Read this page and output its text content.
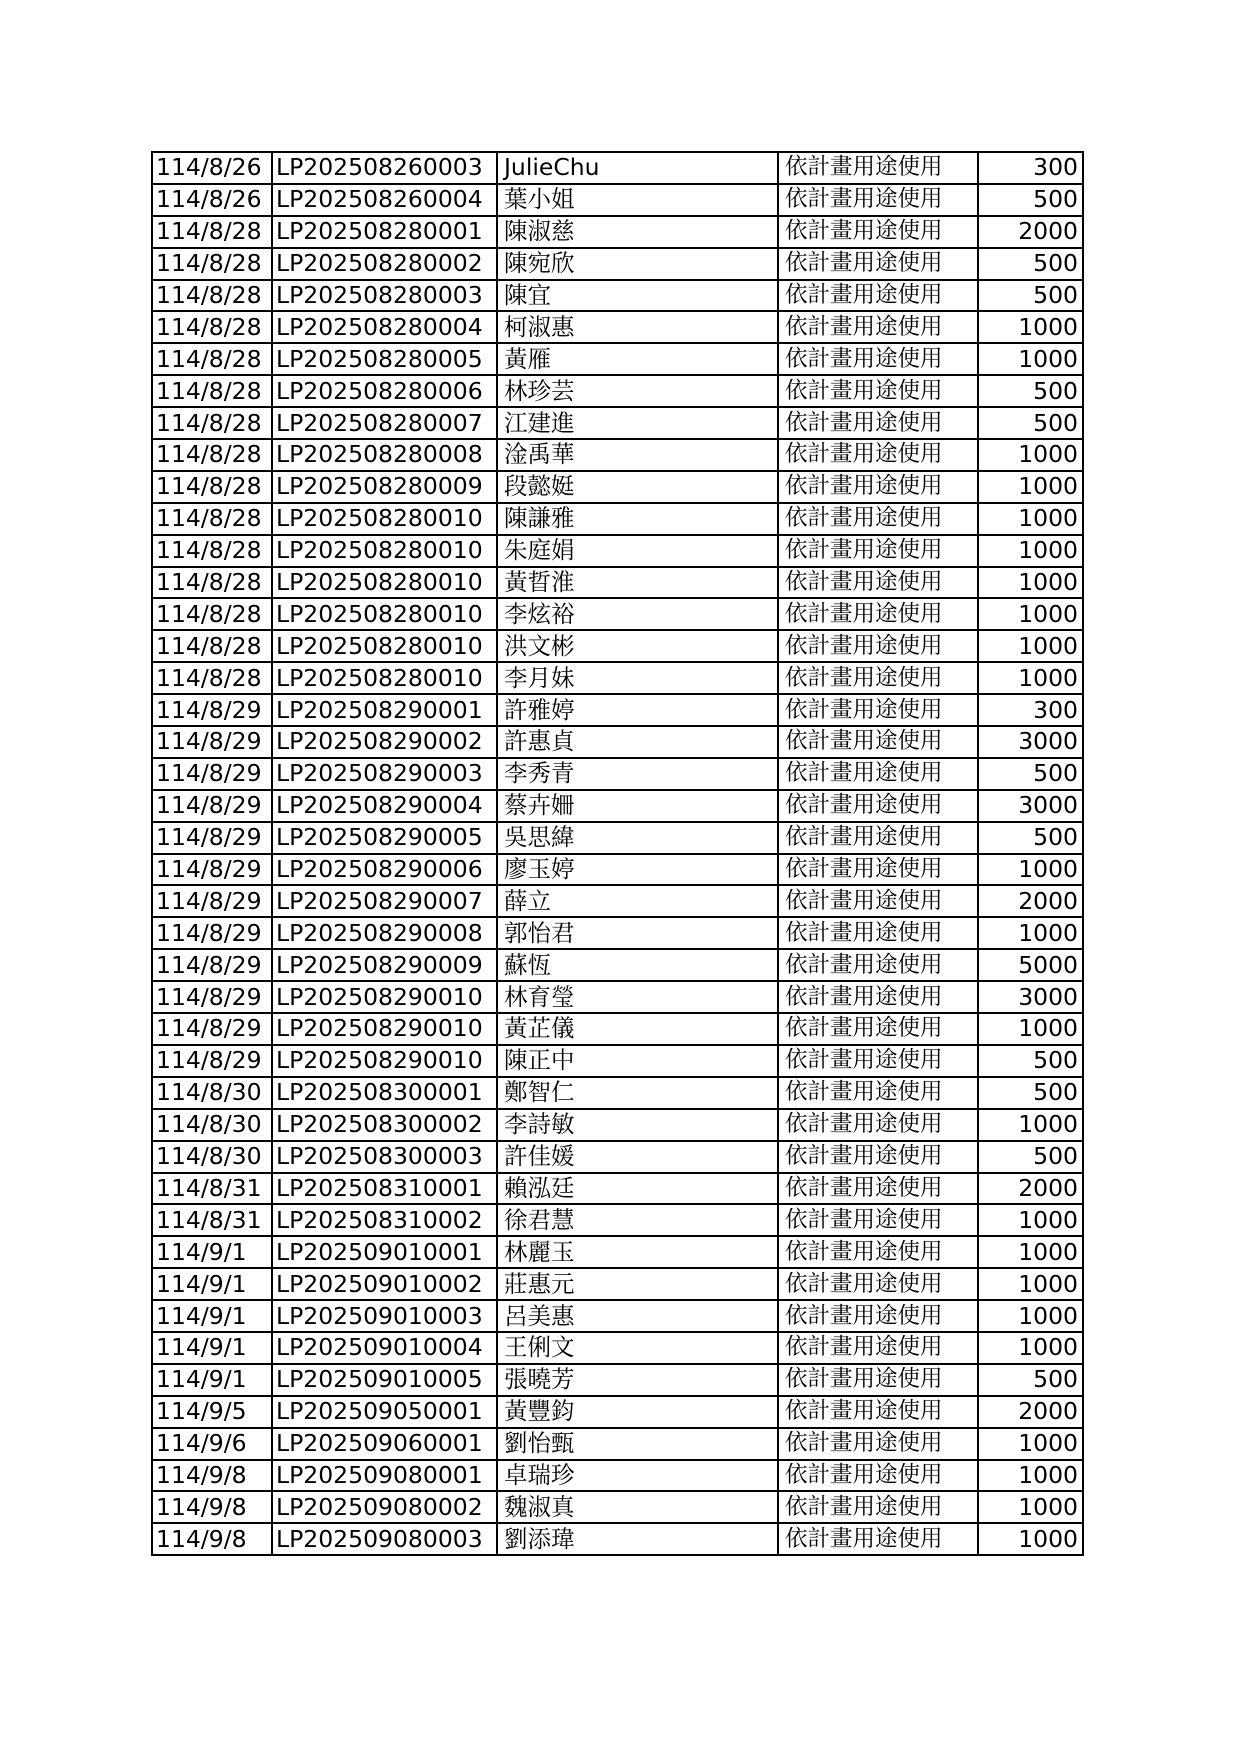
114/8/26	LP202508260003	JulieChu	依計畫用途使用	300
114/8/26	LP202508260004	葉小姐	依計畫用途使用	500
114/8/28	LP202508280001	陳淑慈	依計畫用途使用	2000
114/8/28	LP202508280002	陳宛欣	依計畫用途使用	500
114/8/28	LP202508280003	陳宜	依計畫用途使用	500
114/8/28	LP202508280004	柯淑惠	依計畫用途使用	1000
114/8/28	LP202508280005	黃雁	依計畫用途使用	1000
114/8/28	LP202508280006	林珍芸	依計畫用途使用	500
114/8/28	LP202508280007	江建進	依計畫用途使用	500
114/8/28	LP202508280008	淦禹華	依計畫用途使用	1000
114/8/28	LP202508280009	段懿娗	依計畫用途使用	1000
114/8/28	LP202508280010	陳謙雅	依計畫用途使用	1000
114/8/28	LP202508280010	朱庭娟	依計畫用途使用	1000
114/8/28	LP202508280010	黃晢淮	依計畫用途使用	1000
114/8/28	LP202508280010	李炫裕	依計畫用途使用	1000
114/8/28	LP202508280010	洪文彬	依計畫用途使用	1000
114/8/28	LP202508280010	李月妹	依計畫用途使用	1000
114/8/29	LP202508290001	許雅婷	依計畫用途使用	300
114/8/29	LP202508290002	許惠貞	依計畫用途使用	3000
114/8/29	LP202508290003	李秀青	依計畫用途使用	500
114/8/29	LP202508290004	蔡卉姍	依計畫用途使用	3000
114/8/29	LP202508290005	吳思緯	依計畫用途使用	500
114/8/29	LP202508290006	廖玉婷	依計畫用途使用	1000
114/8/29	LP202508290007	薛立	依計畫用途使用	2000
114/8/29	LP202508290008	郭怡君	依計畫用途使用	1000
114/8/29	LP202508290009	蘇恆	依計畫用途使用	5000
114/8/29	LP202508290010	林育瑩	依計畫用途使用	3000
114/8/29	LP202508290010	黃芷儀	依計畫用途使用	1000
114/8/29	LP202508290010	陳正中	依計畫用途使用	500
114/8/30	LP202508300001	鄭智仁	依計畫用途使用	500
114/8/30	LP202508300002	李詩敏	依計畫用途使用	1000
114/8/30	LP202508300003	許佳媛	依計畫用途使用	500
114/8/31	LP202508310001	賴泓廷	依計畫用途使用	2000
114/8/31	LP202508310002	徐君慧	依計畫用途使用	1000
114/9/1	LP202509010001	林麗玉	依計畫用途使用	1000
114/9/1	LP202509010002	莊惠元	依計畫用途使用	1000
114/9/1	LP202509010003	呂美惠	依計畫用途使用	1000
114/9/1	LP202509010004	王俐文	依計畫用途使用	1000
114/9/1	LP202509010005	張曉芳	依計畫用途使用	500
114/9/5	LP202509050001	黃豐鈞	依計畫用途使用	2000
114/9/6	LP202509060001	劉怡甄	依計畫用途使用	1000
114/9/8	LP202509080001	卓瑞珍	依計畫用途使用	1000
114/9/8	LP202509080002	魏淑真	依計畫用途使用	1000
114/9/8	LP202509080003	劉添瑋	依計畫用途使用	1000
